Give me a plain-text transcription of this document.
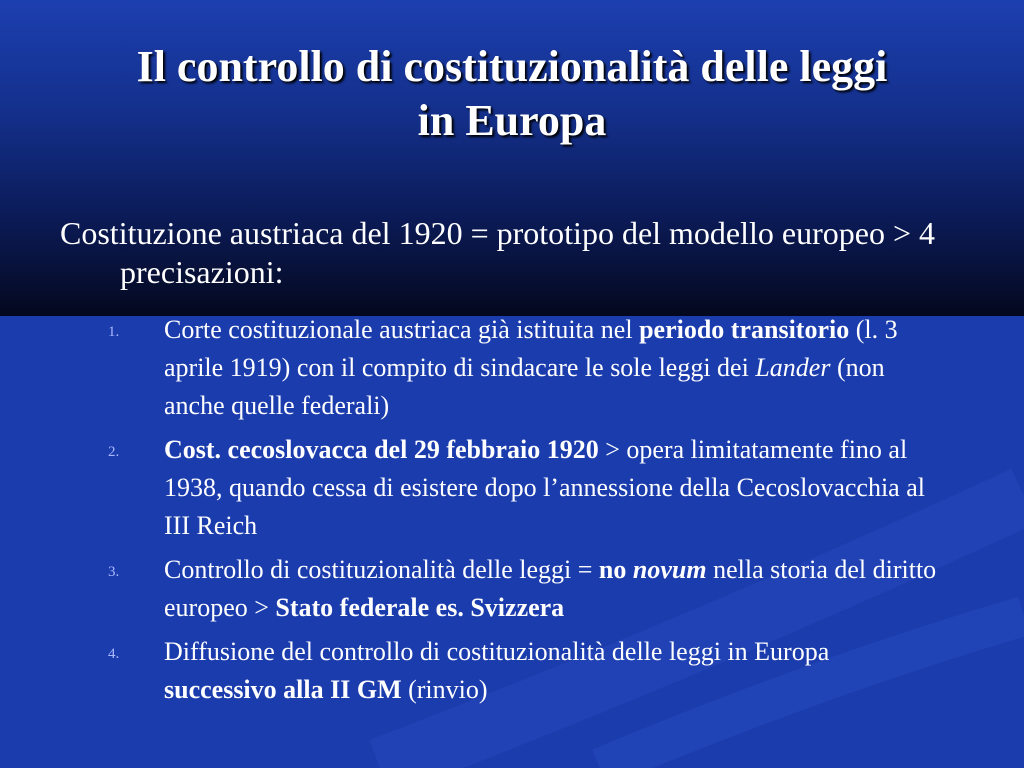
Il controllo di costituzionalità delle leggi
in Europa
Costituzione austriaca del 1920 = prototipo del modello europeo > 4 precisazioni:
1. Corte costituzionale austriaca già istituita nel periodo transitorio (l. 3 aprile 1919) con il compito di sindacare le sole leggi dei Lander (non anche quelle federali)
2. Cost. cecoslovacca del 29 febbraio 1920 > opera limitatamente fino al 1938, quando cessa di esistere dopo l’annessione della Cecoslovacchia al III Reich
3. Controllo di costituzionalità delle leggi = no novum nella storia del diritto europeo > Stato federale es. Svizzera
4. Diffusione del controllo di costituzionalità delle leggi in Europa successivo alla II GM (rinvio)
